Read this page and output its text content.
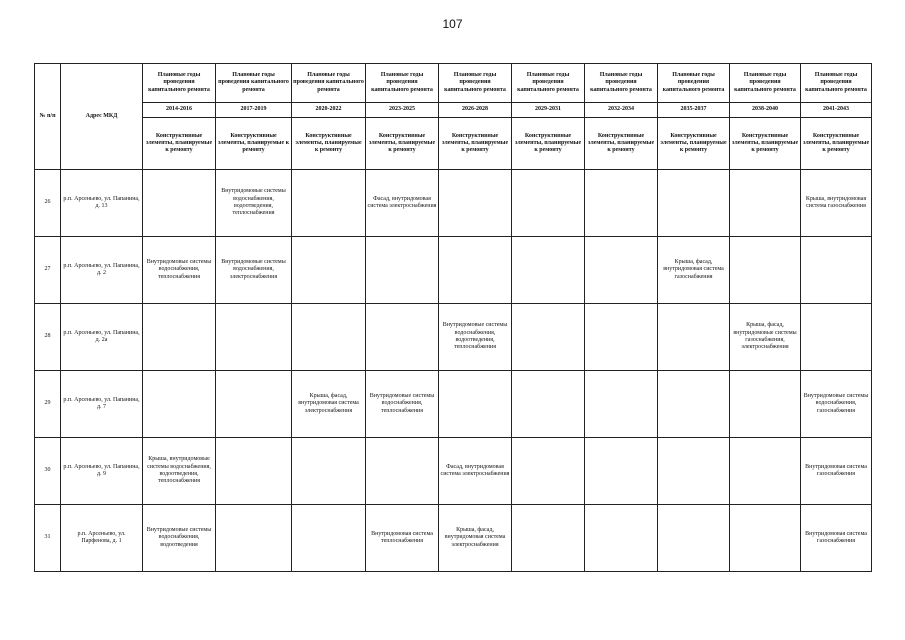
107
№ п/п	Адрес МКД	Плановые годы проведения капитального ремонта	Плановые годы проведения капитального ремонта	Плановые годы проведения капитального ремонта	Плановые годы проведения капитального ремонта	Плановые годы проведения капитального ремонта	Плановые годы проведения капитального ремонта	Плановые годы проведения капитального ремонта	Плановые годы проведения капитального ремонта	Плановые годы проведения капитального ремонта	Плановые годы проведения капитального ремонта
		2014-2016	2017-2019	2020-2022	2023-2025	2026-2028	2029-2031	2032-2034	2035-2037	2038-2040	2041-2043
		Конструктивные элементы, планируемые к ремонту	Конструктивные элементы, планируемые к ремонту	Конструктивные элементы, планируемые к ремонту	Конструктивные элементы, планируемые к ремонту	Конструктивные элементы, планируемые к ремонту	Конструктивные элементы, планируемые к ремонту	Конструктивные элементы, планируемые к ремонту	Конструктивные элементы, планируемые к ремонту	Конструктивные элементы, планируемые к ремонту	Конструктивные элементы, планируемые к ремонту
26	р.п. Арсеньево, ул. Папанина, д. 13		Внутридомовые системы водоснабжения, водоотведения, теплоснабжения		Фасад, внутридомовая система электроснабжения						Крыша, внутридомовая система газоснабжения
27	р.п. Арсеньево, ул. Папанина, д. 2	Внутридомовые системы водоснабжения, теплоснабжения	Внутридомовые системы водоснабжения, электроснабжения						Крыша, фасад, внутридомовая система газоснабжения		
28	р.п. Арсеньево, ул. Папанина, д. 2а					Внутридомовые системы водоснабжения, водоотведения, теплоснабжения				Крыша, фасад, внутридомовые системы газоснабжения, электроснабжения	
29	р.п. Арсеньево, ул. Папанина, д. 7			Крыша, фасад, внутридомовая система электроснабжения	Внутридомовые системы водоснабжения, теплоснабжения						Внутридомовые системы водоснабжения, газоснабжения
30	р.п. Арсеньево, ул. Папанина, д. 9	Крыша, внутридомовые системы водоснабжения, водоотведения, теплоснабжения				Фасад, внутридомовая система электроснабжения					Внутридомовая система газоснабжения
31	р.п. Арсеньево, ул. Парфенова, д. 1	Внутридомовые системы водоснабжения, водоотведения			Внутридомовая система теплоснабжения	Крыша, фасад, внутридомовая система электроснабжения					Внутридомовая система газоснабжения
